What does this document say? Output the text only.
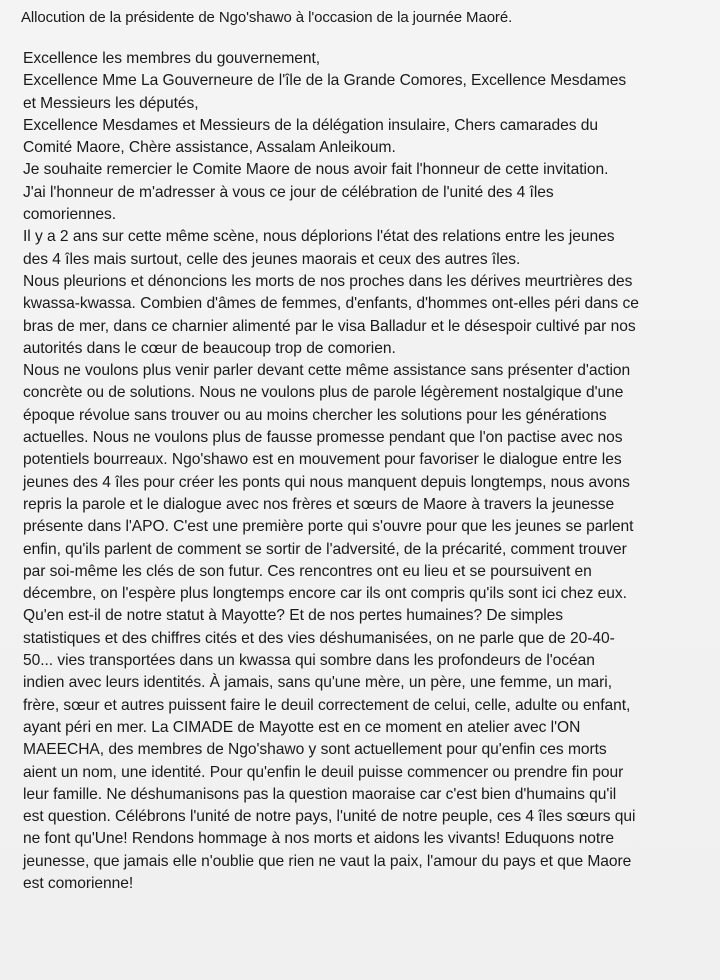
Allocution de la présidente de Ngo'shawo à l'occasion de la journée Maoré.
Excellence les membres du gouvernement,
Excellence Mme La Gouverneure de l'île de la Grande Comores, Excellence Mesdames
et Messieurs les députés,
Excellence Mesdames et Messieurs de la délégation insulaire, Chers camarades du
Comité Maore, Chère assistance, Assalam Anleikoum.
Je souhaite remercier le Comite Maore de nous avoir fait l'honneur de cette invitation.
J'ai l'honneur de m'adresser à vous ce jour de célébration de l'unité des 4 îles
comoriennes.
Il y a 2 ans sur cette même scène, nous déplorions l'état des relations entre les jeunes
des 4 îles mais surtout, celle des jeunes maorais et ceux des autres îles.
Nous pleurions et dénoncions les morts de nos proches dans les dérives meurtrières des
kwassa-kwassa. Combien d'âmes de femmes, d'enfants, d'hommes ont-elles péri dans ce
bras de mer, dans ce charnier alimenté par le visa Balladur et le désespoir cultivé par nos
autorités dans le cœur de beaucoup trop de comorien.
Nous ne voulons plus venir parler devant cette même assistance sans présenter d'action
concrète ou de solutions. Nous ne voulons plus de parole légèrement nostalgique d'une
époque révolue sans trouver ou au moins chercher les solutions pour les générations
actuelles. Nous ne voulons plus de fausse promesse pendant que l'on pactise avec nos
potentiels bourreaux. Ngo'shawo est en mouvement pour favoriser le dialogue entre les
jeunes des 4 îles pour créer les ponts qui nous manquent depuis longtemps, nous avons
repris la parole et le dialogue avec nos frères et sœurs de Maore à travers la jeunesse
présente dans l'APO. C'est une première porte qui s'ouvre pour que les jeunes se parlent
enfin, qu'ils parlent de comment se sortir de l'adversité, de la précarité, comment trouver
par soi-même les clés de son futur. Ces rencontres ont eu lieu et se poursuivent en
décembre, on l'espère plus longtemps encore car ils ont compris qu'ils sont ici chez eux.
Qu'en est-il de notre statut à Mayotte? Et de nos pertes humaines? De simples
statistiques et des chiffres cités et des vies déshumanisées, on ne parle que de 20-40-
50... vies transportées dans un kwassa qui sombre dans les profondeurs de l'océan
indien avec leurs identités. À jamais, sans qu'une mère, un père, une femme, un mari,
frère, sœur et autres puissent faire le deuil correctement de celui, celle, adulte ou enfant,
ayant péri en mer. La CIMADE de Mayotte est en ce moment en atelier avec l'ON
MAEECHA, des membres de Ngo'shawo y sont actuellement pour qu'enfin ces morts
aient un nom, une identité. Pour qu'enfin le deuil puisse commencer ou prendre fin pour
leur famille. Ne déshumanisons pas la question maoraise car c'est bien d'humains qu'il
est question. Célébrons l'unité de notre pays, l'unité de notre peuple, ces 4 îles sœurs qui
ne font qu'Une! Rendons hommage à nos morts et aidons les vivants! Eduquons notre
jeunesse, que jamais elle n'oublie que rien ne vaut la paix, l'amour du pays et que Maore
est comorienne!
